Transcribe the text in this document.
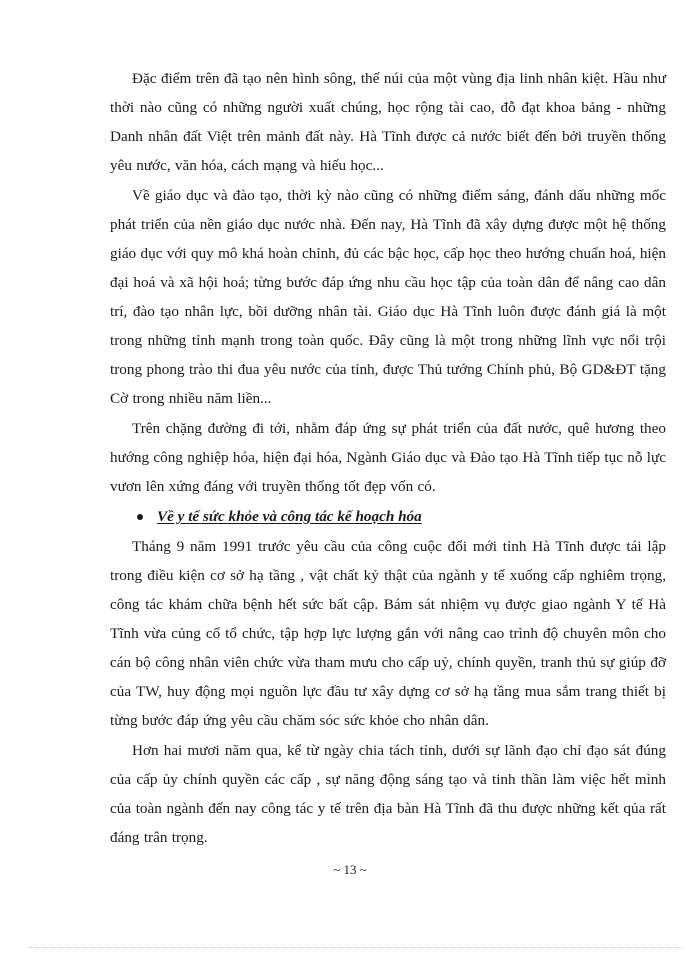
Đặc điểm trên đã tạo nên hình sông, thế núi của một vùng địa linh nhân kiệt. Hầu như thời nào cũng có những người xuất chúng, học rộng tài cao, đỗ đạt khoa bảng - những Danh nhân đất Việt trên mảnh đất này. Hà Tĩnh được cả nước biết đến bởi truyền thống yêu nước, văn hóa, cách mạng và hiếu học...

Về giáo dục và đào tạo, thời kỳ nào cũng có những điểm sáng, đánh dấu những mốc phát triển của nền giáo dục nước nhà. Đến nay, Hà Tĩnh đã xây dựng được một hệ thống giáo dục với quy mô khá hoàn chỉnh, đủ các bậc học, cấp học theo hướng chuẩn hoá, hiện đại hoá và xã hội hoá; từng bước đáp ứng nhu cầu học tập của toàn dân để nâng cao dân trí, đào tạo nhân lực, bồi dưỡng nhân tài. Giáo dục Hà Tĩnh luôn được đánh giá là một trong những tỉnh mạnh trong toàn quốc. Đây cũng là một trong những lĩnh vực nổi trội trong phong trào thi đua yêu nước của tỉnh, được Thủ tướng Chính phủ, Bộ GD&ĐT tặng Cờ trong nhiều năm liền...

Trên chặng đường đi tới, nhằm đáp ứng sự phát triển của đất nước, quê hương theo hướng công nghiệp hóa, hiện đại hóa, Ngành Giáo dục và Đào tạo Hà Tĩnh tiếp tục nỗ lực vươn lên xứng đáng với truyền thống tốt đẹp vốn có.

Về y tế sức khỏe và công tác kế hoạch hóa

Tháng 9 năm 1991 trước yêu cầu của công cuộc đổi mới tỉnh Hà Tĩnh được tái lập trong điều kiện cơ sở hạ tầng , vật chất kỷ thật của ngành y tế xuống cấp nghiêm trọng, công tác khám chữa bệnh hết sức bất cập. Bám sát nhiệm vụ được giao ngành Y tế Hà Tĩnh vừa củng cố tổ chức, tập hợp lực lượng gắn với nâng cao trình độ chuyên môn cho cán bộ công nhân viên chức vừa tham mưu cho cấp uỷ, chính quyền, tranh thủ sự giúp đỡ của TW, huy động mọi nguồn lực đầu tư xây dựng cơ sở hạ tầng mua sắm trang thiết bị từng bước đáp ứng yêu cầu chăm sóc sức khỏe cho nhân dân.

Hơn hai mươi năm qua, kể từ ngày chia tách tỉnh, dưới sự lãnh đạo chỉ đạo sát đúng của cấp ủy chính quyền các cấp , sự năng động sáng tạo và tinh thần làm việc hết mình của toàn ngành đến nay công tác y tế trên địa bàn Hà Tĩnh đã thu được những kết qủa rất đáng trân trọng.

~ 13 ~
